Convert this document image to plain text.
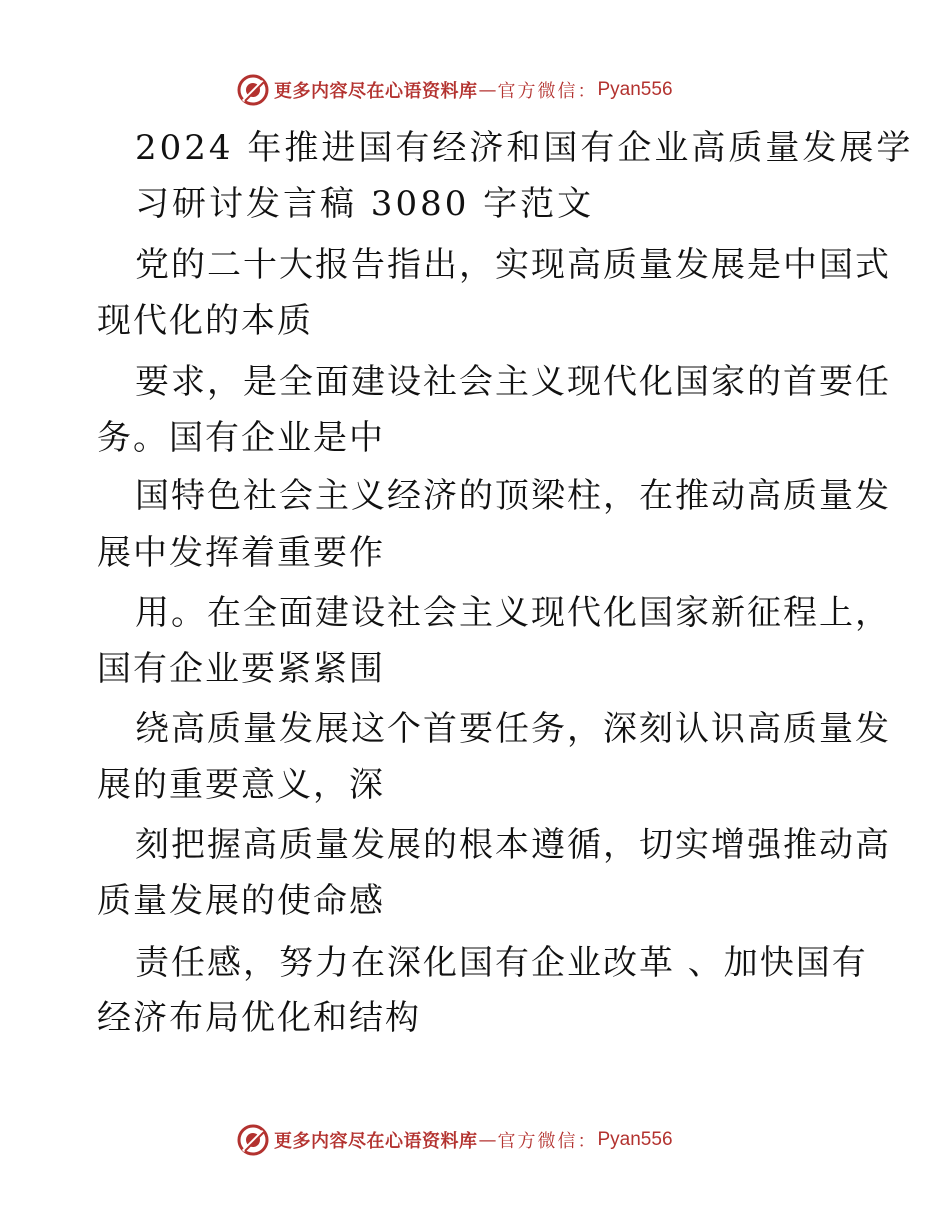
更多内容尽在心语资料库 — 官方微信： Pyan556
2024 年推进国有经济和国有企业高质量发展学
习研讨发言稿 3080 字范文
党的二十大报告指出，实现高质量发展是中国式
现代化的本质
要求，是全面建设社会主义现代化国家的首要任
务。国有企业是中
国特色社会主义经济的顶梁柱，在推动高质量发
展中发挥着重要作
用。在全面建设社会主义现代化国家新征程上，
国有企业要紧紧围
绕高质量发展这个首要任务，深刻认识高质量发
展的重要意义，深
刻把握高质量发展的根本遵循，切实增强推动高
质量发展的使命感
责任感，努力在深化国有企业改革 、加快国有
经济布局优化和结构
更多内容尽在心语资料库 — 官方微信： Pyan556
